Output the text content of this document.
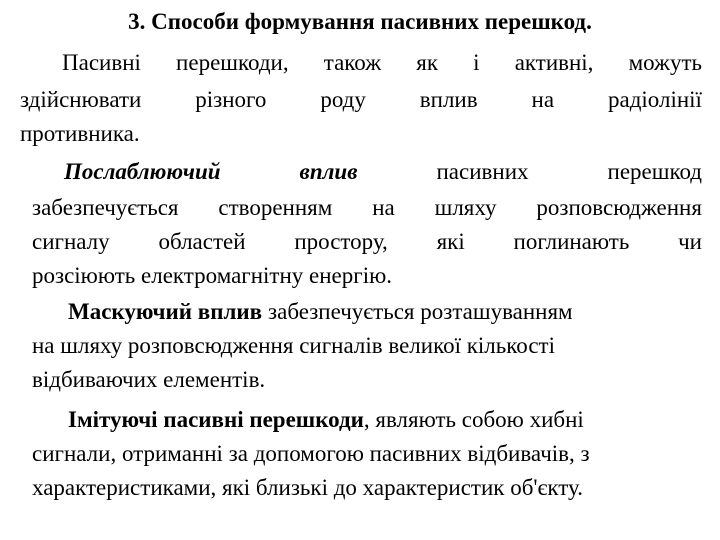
3. Способи формування пасивних перешкод.
Пасивні перешкоди, також як і активні, можуть
здійснювати різного роду вплив на радіолінії
противника.
Послаблюючий	вплив	пасивних	перешкод
забезпечується створенням на шляху розповсюдження
сигналу областей простору, які поглинають чи
розсіюють електромагнітну енергію.
Маскуючий вплив забезпечується розташуванням
на шляху розповсюдження сигналів великої кількості
відбиваючих елементів.
Імітуючі пасивні перешкоди, являють собою хибні
сигнали, отриманні за допомогою пасивних відбивачів, з
характеристиками, які близькі до характеристик об'єкту.
